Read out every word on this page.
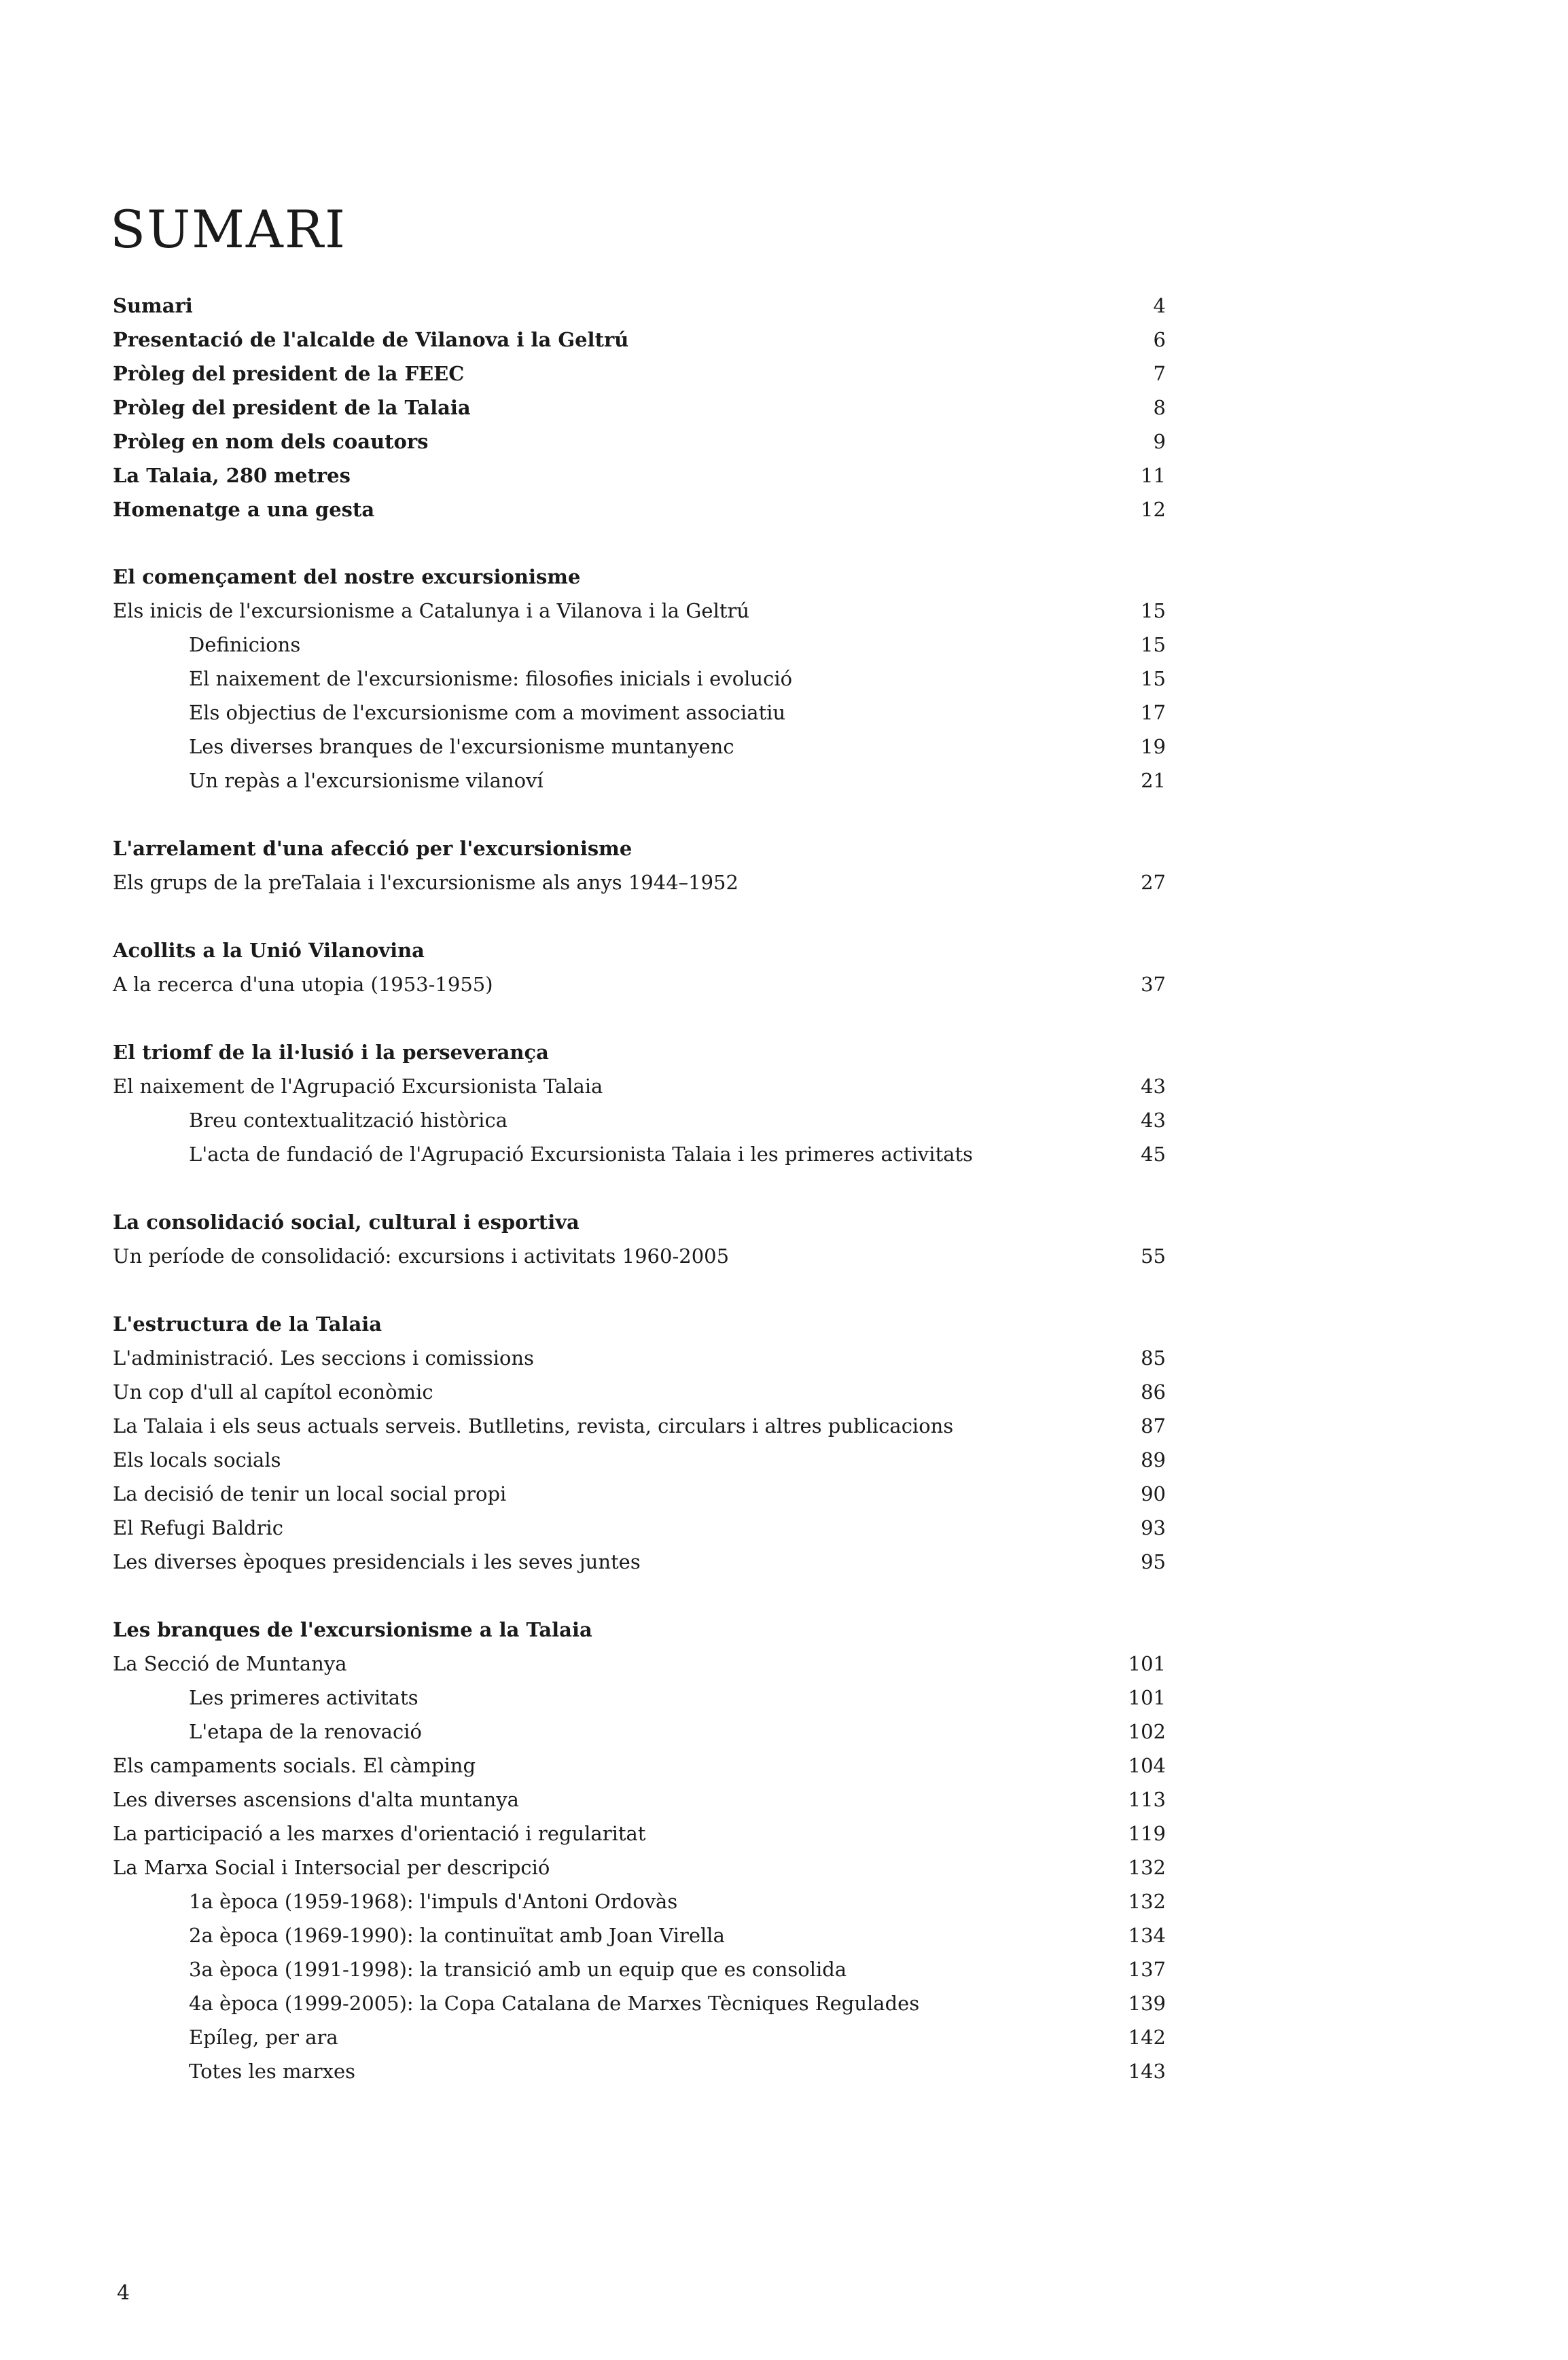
SUMARI
Sumari	4
Presentació de l'alcalde de Vilanova i la Geltrú	6
Pròleg del president de la FEEC	7
Pròleg del president de la Talaia	8
Pròleg en nom dels coautors	9
La Talaia, 280 metres	11
Homenatge a una gesta	12
El començament del nostre excursionisme
Els inicis de l'excursionisme a Catalunya i a Vilanova i la Geltrú	15
Definicions	15
El naixement de l'excursionisme: filosofies inicials i evolució	15
Els objectius de l'excursionisme com a moviment associatiu	17
Les diverses branques de l'excursionisme muntanyenc	19
Un repàs a l'excursionisme vilanoví	21
L'arrelament d'una afecció per l'excursionisme
Els grups de la preTalaia i l'excursionisme als anys 1944–1952	27
Acollits a la Unió Vilanovina
A la recerca d'una utopia (1953-1955)	37
El triomf de la il·lusió i la perseverança
El naixement de l'Agrupació Excursionista Talaia	43
Breu contextualització històrica	43
L'acta de fundació de l'Agrupació Excursionista Talaia i les primeres activitats	45
La consolidació social, cultural i esportiva
Un període de consolidació: excursions i activitats 1960-2005	55
L'estructura de la Talaia
L'administració. Les seccions i comissions	85
Un cop d'ull al capítol econòmic	86
La Talaia i els seus actuals serveis. Butlletins, revista, circulars i altres publicacions	87
Els locals socials	89
La decisió de tenir un local social propi	90
El Refugi Baldric	93
Les diverses èpoques presidencials i les seves juntes	95
Les branques de l'excursionisme a la Talaia
La Secció de Muntanya	101
Les primeres activitats	101
L'etapa de la renovació	102
Els campaments socials. El càmping	104
Les diverses ascensions d'alta muntanya	113
La participació a les marxes d'orientació i regularitat	119
La Marxa Social i Intersocial per descripció	132
1a època (1959-1968): l'impuls d'Antoni Ordovàs	132
2a època (1969-1990): la continuïtat amb Joan Virella	134
3a època (1991-1998): la transició amb un equip que es consolida	137
4a època (1999-2005): la Copa Catalana de Marxes Tècniques Regulades	139
Epíleg, per ara	142
Totes les marxes	143
4
